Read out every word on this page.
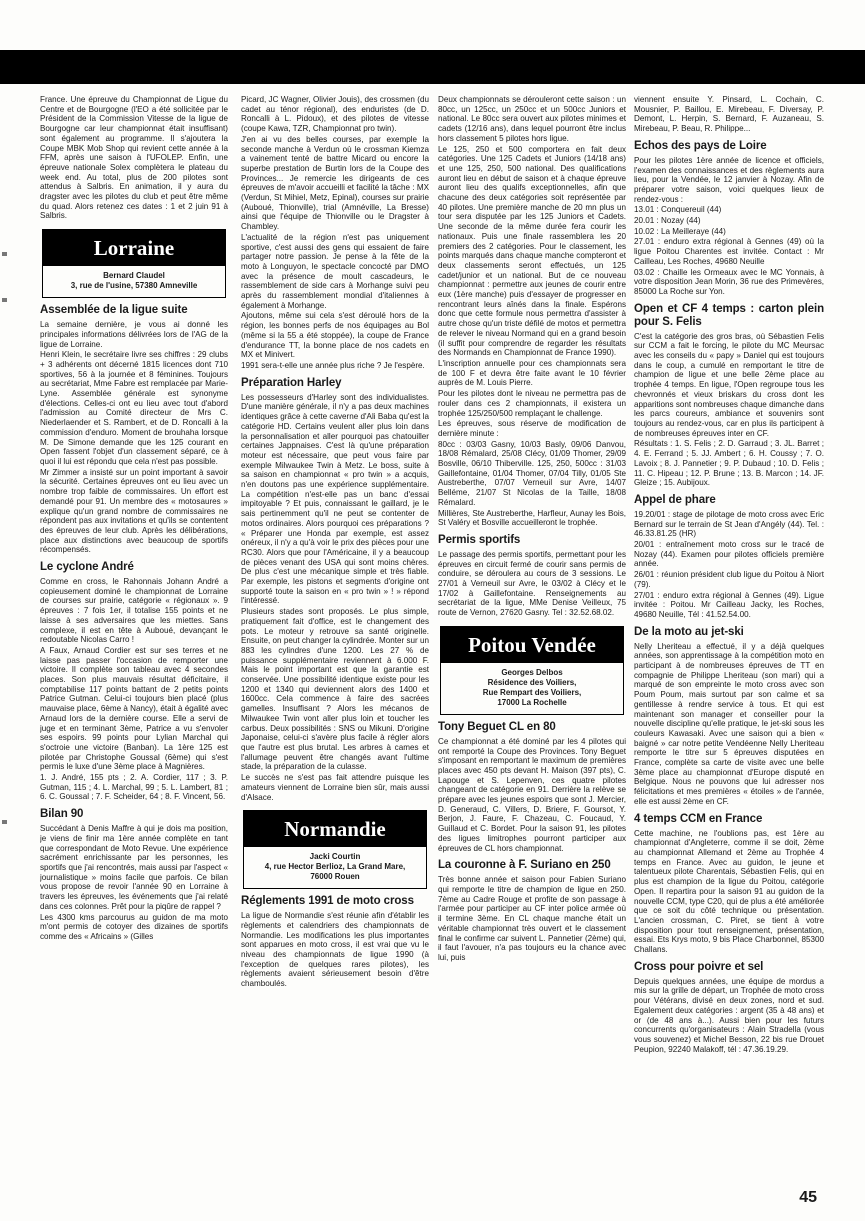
France. Une épreuve du Championnat de Ligue du Centre et de Bourgogne (l'EO a été sollicitée par le Président de la Commission Vitesse de la ligue de Bourgogne car leur championnat était insuffisant) sont également au programme. Il s'ajoutera la Coupe MBK Mob Shop qui revient cette année à la FFM, après une saison à l'UFOLEP. Enfin, une épreuve nationale Solex complètera le plateau du week end. Au total, plus de 200 pilotes sont attendus à Salbris. En animation, il y aura du dragster avec les pilotes du club et peut être même du quad. Alors retenez ces dates : 1 et 2 juin 91 à Salbris.

Lorraine
Bernard Claudel
3, rue de l'usine, 57380 Amneville
Assemblée de la ligue suite

La semaine dernière, je vous ai donné les principales informations délivrées lors de l'AG de la ligue de Lorraine.

Henri Klein, le secrétaire livre ses chiffres : 29 clubs + 3 adhérents ont décerné 1815 licences dont 710 sportives, 56 à la journée et 8 féminines. Toujours au secrétariat, Mme Fabre est remplacée par Marie-Lyne. Assemblée générale est synonyme d'élections. Celles-ci ont eu lieu avec tout d'abord l'admission au Comité directeur de Mrs C. Niederlaender et S. Rambert, et de D. Roncalli à la commission d'enduro. Moment de brouhaha lorsque M. De Simone demande que les 125 courant en Open fassent l'objet d'un classement séparé, ce à quoi il lui est répondu que cela n'est pas possible.

Mr Zimmer a insisté sur un point important à savoir la sécurité. Certaines épreuves ont eu lieu avec un nombre trop faible de commissaires. Un effort est demandé pour 91. Un membre des « motosaures » explique qu'un grand nombre de commissaires ne répondent pas aux invitations et qu'ils se contentent des épreuves de leur club. Après les délibérations, place aux distinctions avec beaucoup de sportifs récompensés.

Le cyclone André

Comme en cross, le Rahonnais Johann André a copieusement dominé le championnat de Lorraine de courses sur prairie, catégorie « régionaux ». 9 épreuves : 7 fois 1er, il totalise 155 points et ne laisse à ses adversaires que les miettes. Sans complexe, il est en tête à Auboué, devançant le redoutable Nicolas Carro !

A Faux, Arnaud Cordier est sur ses terres et ne laisse pas passer l'occasion de remporter une victoire. Il complète son tableau avec 4 secondes places. Son plus mauvais résultat déficitaire, il comptabilise 117 points battant de 2 petits points Patrice Gutman. Celui-ci toujours bien placé (plus mauvaise place, 6ème à Nancy), était à égalité avec Arnaud lors de la dernière course. Elle a servi de juge et en terminant 3ème, Patrice a vu s'envoler ses espoirs. 99 points pour Lylian Marchal qui s'octroie une victoire (Banban). La 1ère 125 est pilotée par Christophe Goussal (6ème) qui s'est permis le luxe d'une 3ème place à Magnières.

1. J. André, 155 pts ; 2. A. Cordier, 117 ; 3. P. Gutman, 115 ; 4. L. Marchal, 99 ; 5. L. Lambert, 81 ; 6. C. Goussal ; 7. F. Scheider, 64 ; 8. F. Vincent, 56.

Bilan 90

Succédant à Denis Maffre à qui je dois ma position, je viens de finir ma 1ère année complète en tant que correspondant de Moto Revue. Une expérience sacrément enrichissante par les personnes, les sportifs que j'ai rencontrés, mais aussi par l'aspect « journalistique » moins facile que parfois. Ce bilan vous propose de revoir l'année 90 en Lorraine à travers les épreuves, les événements que j'ai relaté dans ces colonnes. Prêt pour la piqûre de rappel ?

Les 4300 kms parcourus au guidon de ma moto m'ont permis de cotoyer des dizaines de sportifs comme des « Africains » (Gilles

Picard, JC Wagner, Olivier Jouis), des crossmen (du cadet au ténor régional), des enduristes (de D. Roncalli à L. Pidoux), et des pilotes de vitesse (coupe Kawa, TZR, Championnat pro twin).

J'en ai vu des belles courses, par exemple la seconde manche à Verdun où le crossman Kiemza a vainement tenté de battre Micard ou encore la superbe prestation de Burtin lors de la Coupe des Provinces... Je remercie les dirigeants de ces épreuves de m'avoir accueilli et facilité la tâche : MX (Verdun, St Mihiel, Metz, Epinal), courses sur prairie (Auboué, Thionville), trial (Amnéville, La Bresse) ainsi que l'équipe de Thionville ou le Dragster à Chambley.

L'actualité de la région n'est pas uniquement sportive, c'est aussi des gens qui essaient de faire partager notre passion. Je pense à la fête de la moto à Longuyon, le spectacle concocté par DMO avec la présence de moult cascadeurs, le rassemblement de side cars à Morhange suivi peu après du rassemblement mondial d'italiennes à également à Morhange.

Ajoutons, même sui cela s'est déroulé hors de la région, les bonnes perfs de nos équipages au Bol (même si la 55 a été stoppée), la coupe de France d'endurance TT, la bonne place de nos cadets en MX et Minivert.

1991 sera-t-elle une année plus riche ? Je l'espère.

Préparation Harley

Les possesseurs d'Harley sont des individualistes. D'une manière générale, il n'y a pas deux machines identiques grâce à cette caverne d'Ali Baba qu'est la catégorie HD. Certains veulent aller plus loin dans la personnalisation et aller pourquoi pas chatouiller certaines Jappnaises. C'est là qu'une préparation moteur est nécessaire, que peut vous faire par exemple Milwaukee Twin à Metz. Le boss, suite à sa saison en championnat « pro twin » a acquis, n'en doutons pas une expérience supplémentaire. La compétition n'est-elle pas un banc d'essai impitoyable ? Et puis, connaissant le gaillard, je le sais pertinemment qu'il ne peut se contenter de motos ordinaires. Alors pourquoi ces préparations ? « Préparer une Honda par exemple, est assez onéreux, il n'y a qu'à voir le prix des pièces pour une RC30. Alors que pour l'Américaine, il y a beaucoup de pièces venant des USA qui sont moins chères. De plus c'est une mécanique simple et très fiable. Par exemple, les pistons et segments d'origine ont supporté toute la saison en « pro twin » ! » répond l'intéressé.

Plusieurs stades sont proposés. Le plus simple, pratiquement fait d'office, est le changement des pots. Le moteur y retrouve sa santé originelle. Ensuite, on peut changer la cylindrée. Monter sur un 883 les cylindres d'une 1200. Les 27 % de puissance supplémentaire reviennent à 6.000 F. Mais le point important est que la garantie est conservée. Une possibilité identique existe pour les 1200 et 1340 qui deviennent alors des 1400 et 1600cc. Cela commence à faire des sacrées gamelles. Insuffisant ? Alors les mécanos de Milwaukee Twin vont aller plus loin et toucher les carbus. Deux possibilités : SNS ou Mikuni. D'origine Japonaise, celui-ci s'avère plus facile à régler alors que l'autre est plus brutal. Les arbres à cames et l'allumage peuvent être changés avant l'ultime stade, la préparation de la culasse.

Le succès ne s'est pas fait attendre puisque les amateurs viennent de Lorraine bien sûr, mais aussi d'Alsace.

Normandie
Jacki Courtin
4, rue Hector Berlioz, La Grand Mare,
76000 Rouen
Réglements 1991 de moto cross

La ligue de Normandie s'est réunie afin d'établir les règlements et calendriers des championnats de Normandie. Les modifications les plus importantes sont apparues en moto cross, il est vrai que vu le niveau des championnats de ligue 1990 (à l'exception de quelques rares pilotes), les règlements avaient sérieusement besoin d'être chamboulés.

Deux championnats se dérouleront cette saison : un 80cc, un 125cc, un 250cc et un 500cc Juniors et national. Le 80cc sera ouvert aux pilotes minimes et cadets (12/16 ans), dans lequel pourront être inclus hors classement 5 pilotes hors ligue.

Le 125, 250 et 500 comportera en fait deux catégories. Une 125 Cadets et Juniors (14/18 ans) et une 125, 250, 500 national. Des qualifications auront lieu en début de saison et à chaque épreuve auront lieu des qualifs exceptionnelles, afin que chacune des deux catégories soit représentée par 40 pilotes. Une première manche de 20 mn plus un tour sera disputée par les 125 Juniors et Cadets. Une seconde de la même durée fera courir les nationaux. Puis une finale rassemblera les 20 premiers des 2 catégories. Pour le classement, les points marqués dans chaque manche compteront et deux classements seront effectués, un 125 cadet/junior et un national. But de ce nouveau championnat : permettre aux jeunes de courir entre eux (1ère manche) puis d'essayer de progresser en rencontrant leurs aînés dans la finale. Espérons donc que cette formule nous permettra d'assister à autre chose qu'un triste défilé de motos et permettra de relever le niveau Normand qui en a grand besoin (il suffit pour comprendre de regarder les résultats des Normands en Championnat de France 1990).

L'inscription annuelle pour ces championnats sera de 100 F et devra être faite avant le 10 février auprès de M. Louis Pierre.

Pour les pilotes dont le niveau ne permettra pas de rouler dans ces 2 championnats, il existera un trophée 125/250/500 remplaçant le challenge.

Les épreuves, sous réserve de modification de dernière minute :

80cc : 03/03 Gasny, 10/03 Basly, 09/06 Danvou, 18/08 Rémalard, 25/08 Clécy, 01/09 Thomer, 29/09 Bosville, 06/10 Thiberville. 125, 250, 500cc : 31/03 Gaillefontaine, 01/04 Thomer, 07/04 Tilly, 01/05 Ste Austreberthe, 07/07 Verneuil sur Avre, 14/07 Belléme, 21/07 St Nicolas de la Taille, 18/08 Rémalard.

Millières, Ste Austreberthe, Harfleur, Aunay les Bois, St Valéry et Bosville accueilleront le trophée.

Permis sportifs

Le passage des permis sportifs, permettant pour les épreuves en circuit fermé de courir sans permis de conduire, se déroulera au cours de 3 sessions. Le 27/01 à Verneuil sur Avre, le 03/02 à Clécy et le 17/02 à Gaillefontaine. Renseignements au secrétariat de la ligue, MMe Denise Veilleux, 75 route de Vernon, 27620 Gasny. Tel : 32.52.68.02.

Poitou Vendée
Georges Delbos
Résidence des Voiliers,
Rue Rempart des Voiliers,
17000 La Rochelle
Tony Beguet CL en 80

Ce championnat a été dominé par les 4 pilotes qui ont remporté la Coupe des Provinces. Tony Beguet s'imposant en remportant le maximum de premières places avec 450 pts devant H. Maison (397 pts), C. Lapouge et S. Lepenven, ces quatre pilotes changeant de catégorie en 91. Derrière la relève se prépare avec les jeunes espoirs que sont J. Mercier, D. Generaud, C. Villers, D. Briere, F. Goursot, Y. Berjon, J. Faure, F. Chazeau, C. Foucaud, Y. Guillaud et C. Bordet. Pour la saison 91, les pilotes des ligues limitrophes pourront participer aux épreuves de CL hors championnat.

La couronne à F. Suriano en 250

Très bonne année et saison pour Fabien Suriano qui remporte le titre de champion de ligue en 250. 7ème au Cadre Rouge et profite de son passage à l'armée pour participer au CF inter police armée où il termine 3ème. En CL chaque manche était un véritable championnat très ouvert et le classement final le confirme car suivent L. Pannetier (2ème) qui, il faut l'avouer, n'a pas toujours eu la chance avec lui, puis

viennent ensuite Y. Pinsard, L. Cochain, C. Mousnier, P. Baillou, E. Mirebeau, F. Diversay, P. Demont, L. Herpin, S. Bernard, F. Auzaneau, S. Mirebeau, P. Beau, R. Philippe...

Echos des pays de Loire

Pour les pilotes 1ère année de licence et officiels, l'examen des connaissances et des règlements aura lieu, pour la Vendée, le 12 janvier à Nozay. Afin de préparer votre saison, voici quelques lieux de rendez-vous :

13.01 : Conquereuil (44)

20.01 : Nozay (44)

10.02 : La Meilleraye (44)

27.01 : enduro extra régional à Gennes (49) où la ligue Poitou Charentes est invitée. Contact : Mr Cailleau, Les Roches, 49680 Neuille

03.02 : Chaille les Ormeaux avec le MC Yonnais, à votre disposition Jean Morin, 36 rue des Primevères, 85000 La Roche sur Yon.

Open et CF 4 temps : carton plein pour S. Felis

C'est la catégorie des gros bras, où Sébastien Felis sur CCM a fait le forcing, le pilote du MC Meursac avec les conseils du « papy » Daniel qui est toujours dans le coup, a cumulé en remportant le titre de champion de ligue et une belle 2ème place au trophée 4 temps. En ligue, l'Open regroupe tous les chevronnés et vieux briskars du cross dont les apparitions sont nombreuses chaque dimanche dans les parcs coureurs, ambiance et souvenirs sont toujours au rendez-vous, car en plus ils participent à de nombreuses épreuves inter en CF.

Résultats : 1. S. Felis ; 2. D. Garraud ; 3. JL. Barret ; 4. E. Ferrand ; 5. JJ. Ambert ; 6. H. Coussy ; 7. O. Lavoix ; 8. J. Pannetier ; 9. P. Dubaud ; 10. D. Felis ; 11. C. Hipeau ; 12. P. Brune ; 13. B. Marcon ; 14. JF. Gleize ; 15. Aubijoux.

Appel de phare

19.20/01 : stage de pilotage de moto cross avec Eric Bernard sur le terrain de St Jean d'Angély (44). Tel. : 46.33.81.25 (HR)

20/01 : entraînement moto cross sur le tracé de Nozay (44). Examen pour pilotes officiels première année.

26/01 : réunion président club ligue du Poitou à Niort (79).

27/01 : enduro extra régional à Gennes (49). Ligue invitée : Poitou. Mr Cailleau Jacky, les Roches, 49680 Neuille, Tél : 41.52.54.00.

De la moto au jet-ski

Nelly Lheriteau a effectué, il y a déjà quelques années, son apprentissage à la compétition moto en participant à de nombreuses épreuves de TT en compagnie de Philippe Lheriteau (son mari) qui a marqué de son empreinte le moto cross avec son Poum Poum, mais surtout par son calme et sa gentillesse à rendre service à tous. Et qui est maintenant son manager et conseiller pour la nouvelle discipline qu'elle pratique, le jet-ski sous les couleurs Kawasaki. Avec une saison qui a bien « baigné » car notre petite Vendéenne Nelly Lheriteau remporte le titre sur 5 épreuves disputées en France, complète sa carte de visite avec une belle 3ème place au championnat d'Europe disputé en Belgique. Nous ne pouvons que lui adresser nos félicitations et mes premières « étoiles » de l'année, elle est aussi 2ème en CF.

4 temps CCM en France

Cette machine, ne l'oublions pas, est 1ère au championnat d'Angleterre, comme il se doit, 2ème au championnat Allemand et 2ème au Trophée 4 temps en France. Avec au guidon, le jeune et talentueux pilote Charentais, Sébastien Felis, qui en plus est champion de la ligue du Poitou, catégorie Open. Il repartira pour la saison 91 au guidon de la nouvelle CCM, type C20, qui de plus a été améliorée que ce soit du côté technique ou présentation. L'ancien crossman, C. Piret, se tient à votre disposition pour tout renseignement, présentation, essai. Ets Krys moto, 9 bis Place Charbonnel, 85300 Challans.

Cross pour poivre et sel

Depuis quelques années, une équipe de mordus a mis sur la grille de départ, un Trophée de moto cross pour Vétérans, divisé en deux zones, nord et sud. Egalement deux catégories : argent (35 à 48 ans) et or (de 48 ans à...). Aussi bien pour les futurs concurrents qu'organisateurs : Alain Stradella (vous vous souvenez) et Michel Besson, 22 bis rue Drouet Peupion, 92240 Malakoff, tél : 47.36.19.29.

45
